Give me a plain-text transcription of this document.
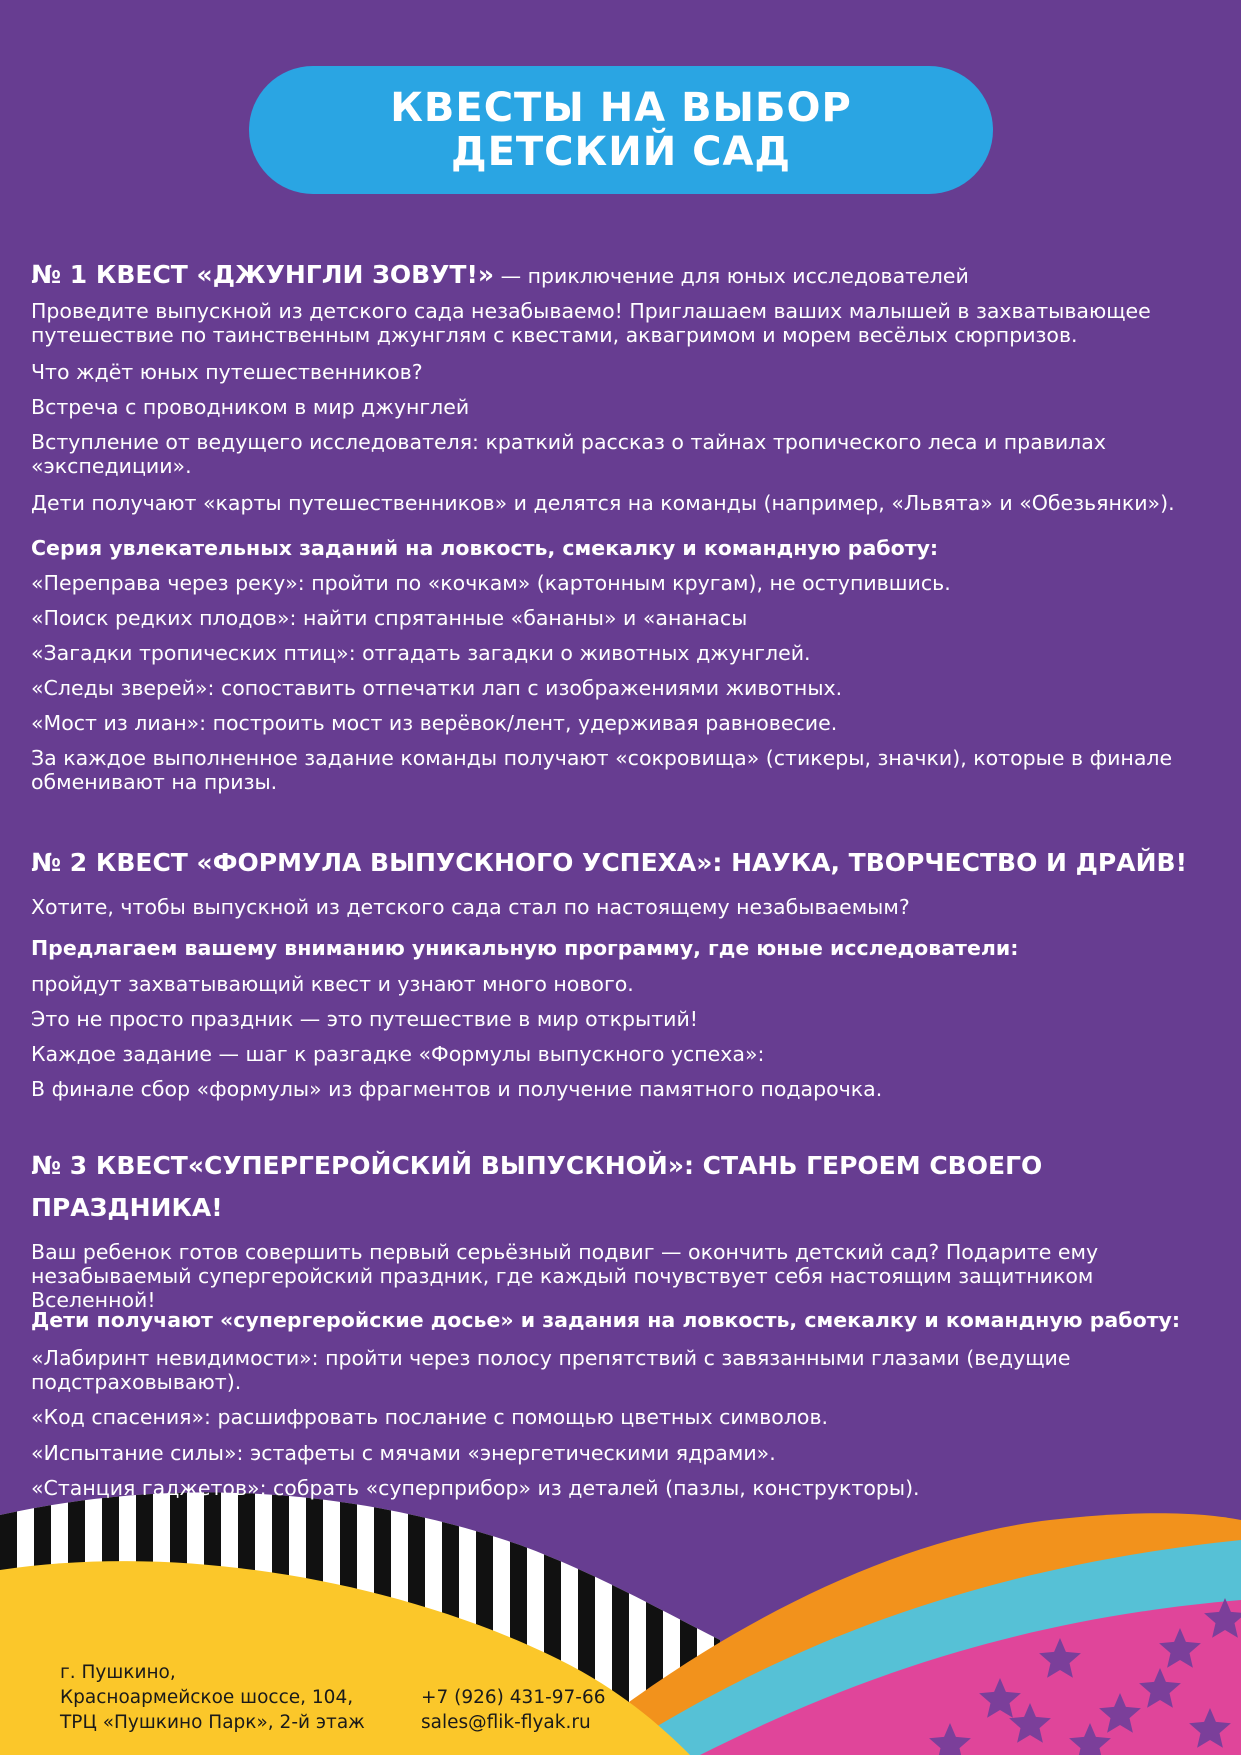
КВЕСТЫ НА ВЫБОР
ДЕТСКИЙ САД
№ 1 КВЕСТ «ДЖУНГЛИ ЗОВУТ!» — приключение для юных исследователей

Проведите выпускной из детского сада незабываемо! Приглашаем ваших малышей в захватывающее путешествие по таинственным джунглям с квестами, аквагримом и морем весёлых сюрпризов.

Что ждёт юных путешественников?

Встреча с проводником в мир джунглей

Вступление от ведущего исследователя: краткий рассказ о тайнах тропического леса и правилах «экспедиции».

Дети получают «карты путешественников» и делятся на команды (например, «Львята» и «Обезьянки»).

Серия увлекательных заданий на ловкость, смекалку и командную работу:

«Переправа через реку»: пройти по «кочкам» (картонным кругам), не оступившись.

«Поиск редких плодов»: найти спрятанные «бананы» и «ананасы

«Загадки тропических птиц»: отгадать загадки о животных джунглей.

«Следы зверей»: сопоставить отпечатки лап с изображениями животных.

«Мост из лиан»: построить мост из верёвок/лент, удерживая равновесие.

За каждое выполненное задание команды получают «сокровища» (стикеры, значки), которые в финале обменивают на призы.

№ 2 КВЕСТ «ФОРМУЛА ВЫПУСКНОГО УСПЕХА»: НАУКА, ТВОРЧЕСТВО И ДРАЙВ!

Хотите, чтобы выпускной из детского сада стал по настоящему незабываемым?

Предлагаем вашему вниманию уникальную программу, где юные исследователи:

пройдут захватывающий квест и узнают много нового.

Это не просто праздник — это путешествие в мир открытий!

Каждое задание — шаг к разгадке «Формулы выпускного успеха»:

В финале сбор «формулы» из фрагментов и получение памятного подарочка.

№ 3 КВЕСТ«СУПЕРГЕРОЙСКИЙ ВЫПУСКНОЙ»: СТАНЬ ГЕРОЕМ СВОЕГО
ПРАЗДНИКА!

Ваш ребенок готов совершить первый серьёзный подвиг — окончить детский сад? Подарите ему незабываемый супергеройский праздник, где каждый почувствует себя настоящим защитником Вселенной!

Дети получают «супергеройские досье» и задания на ловкость, смекалку и командную работу:

«Лабиринт невидимости»: пройти через полосу препятствий с завязанными глазами (ведущие подстраховывают).

«Код спасения»: расшифровать послание с помощью цветных символов.

«Испытание силы»: эстафеты с мячами «энергетическими ядрами».

«Станция гаджетов»: собрать «суперприбор» из деталей (пазлы, конструкторы).

г. Пушкино,
Красноармейское шоссе, 104,
ТРЦ «Пушкино Парк», 2-й этаж
+7 (926) 431-97-66
sales@flik-flyak.ru
